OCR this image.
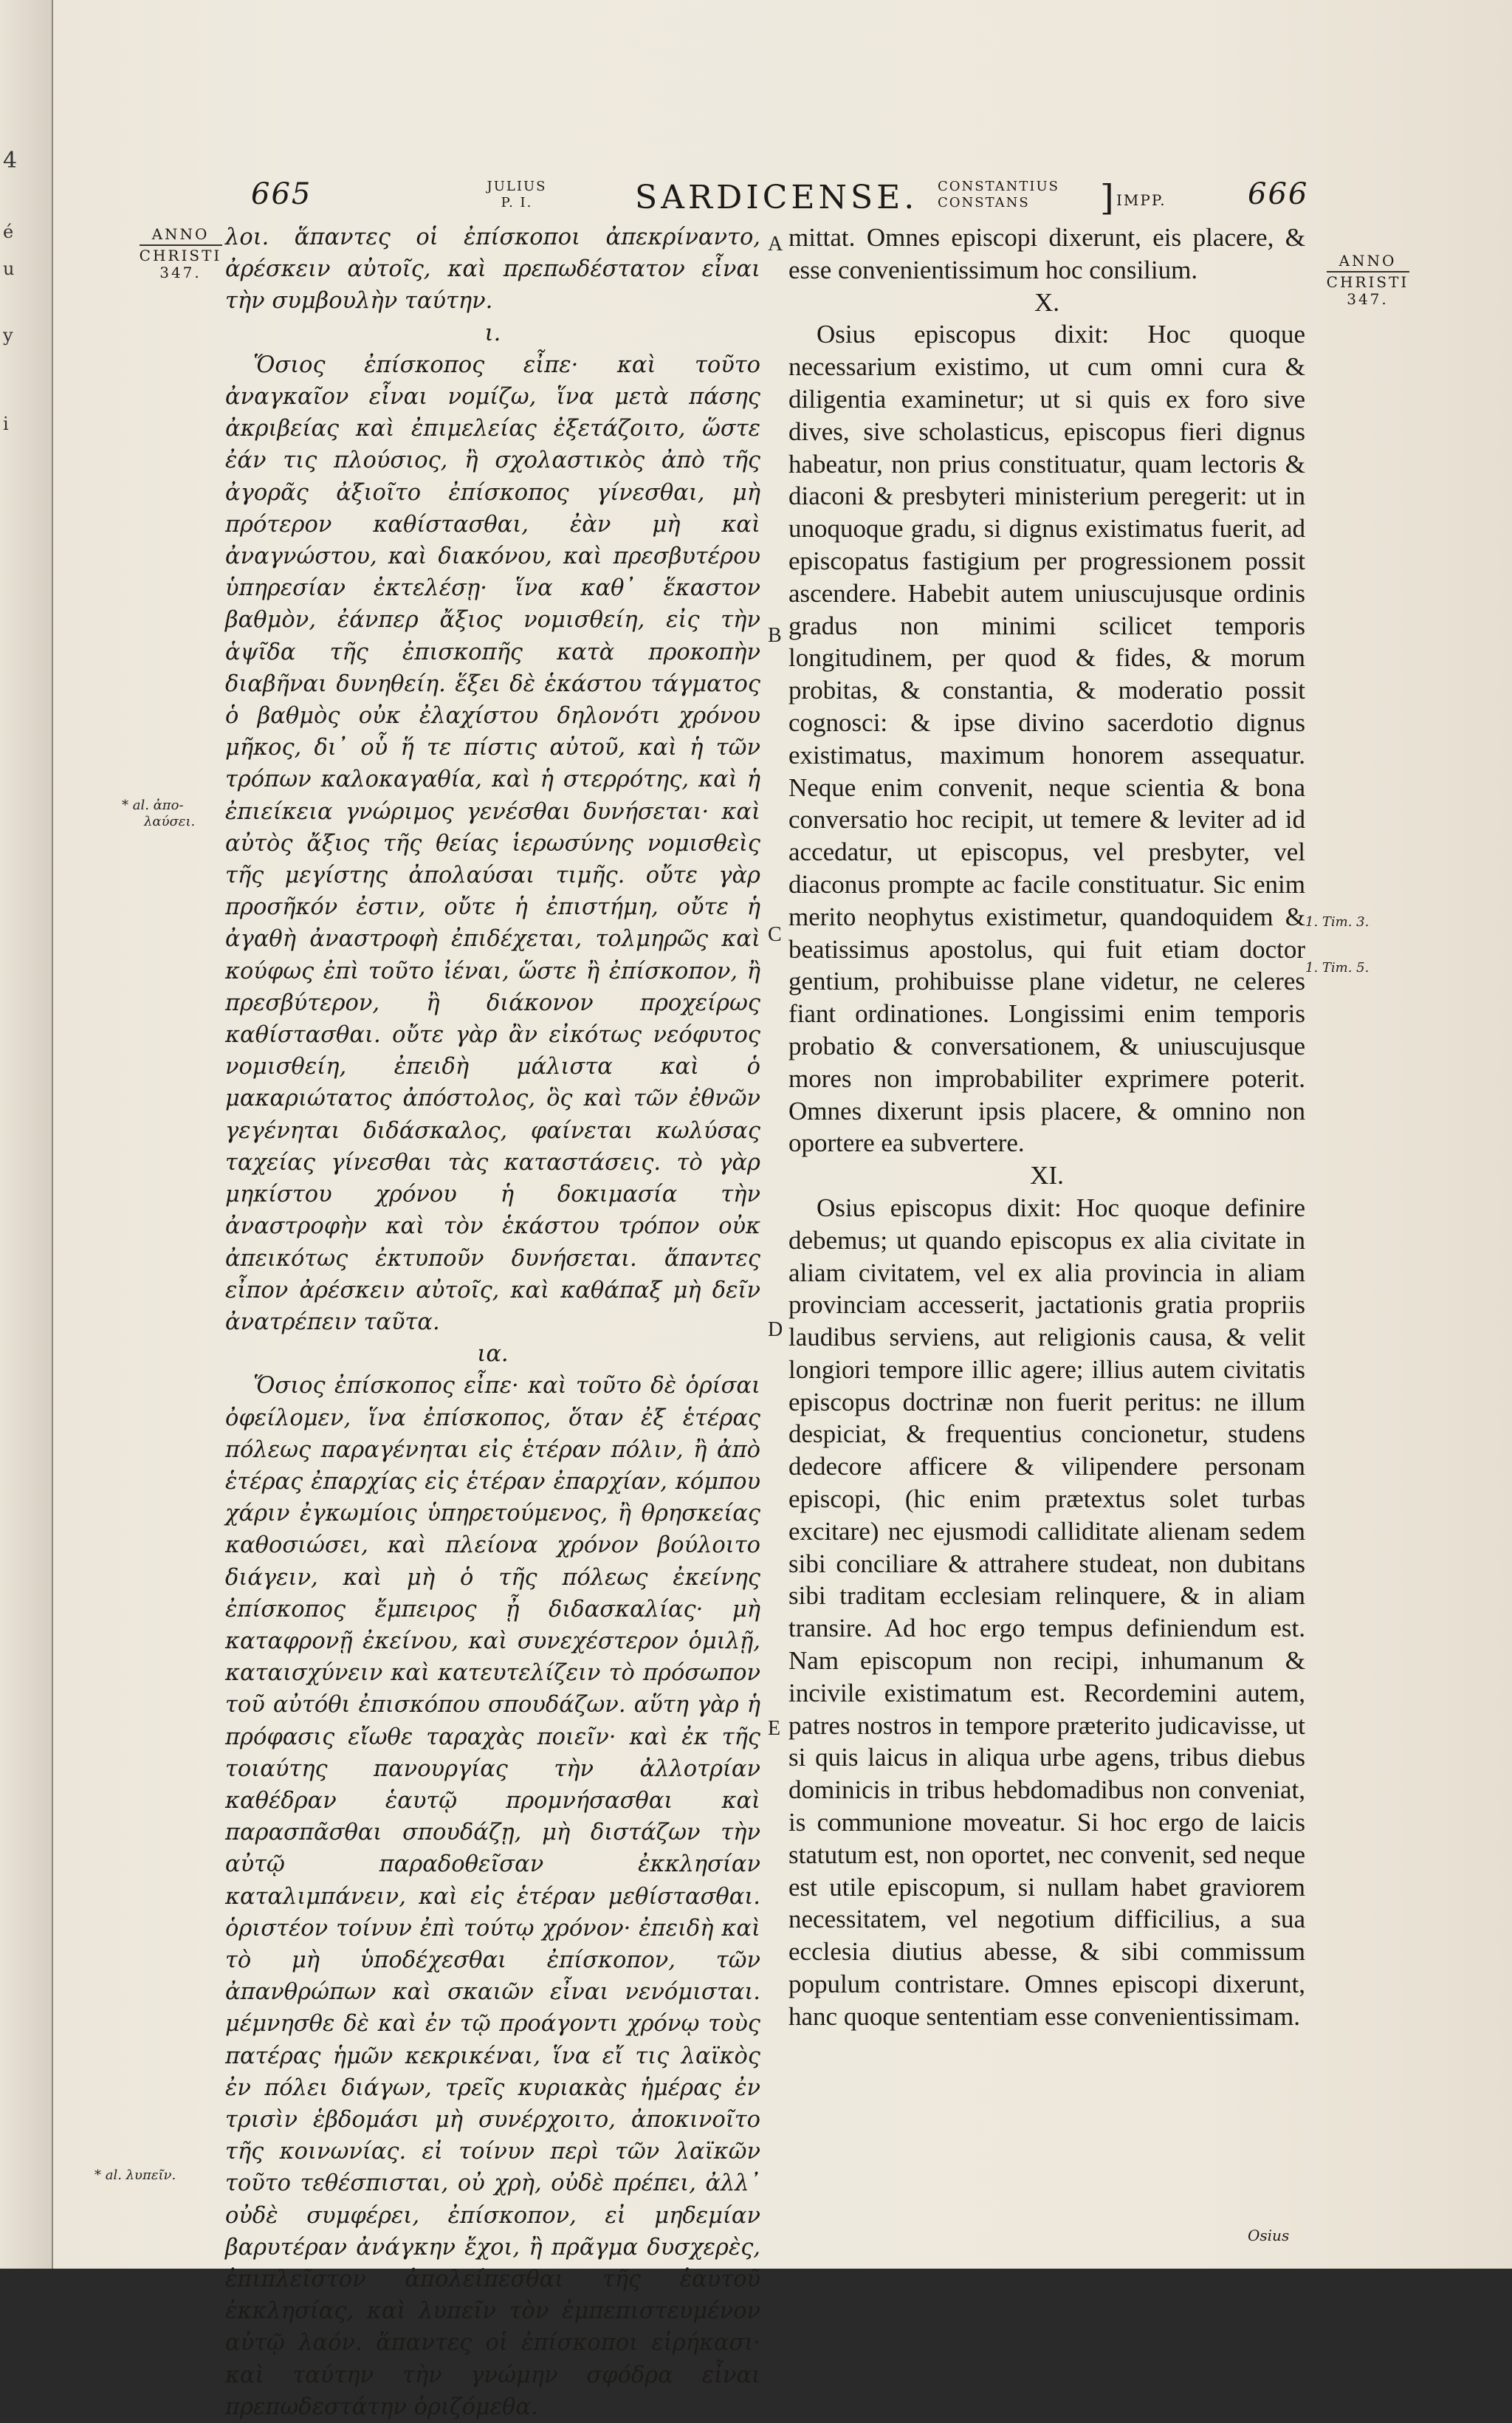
4
é
u
y
i
665	JULIUS
P. I.	SARDICENSE. CONSTANTIUS
CONSTANS	] IMPP.	666
ANNO
CHRISTI
347.
ANNO
CHRISTI
347.

λοι. ἅπαντες οἱ ἐπίσκοποι ἀπεκρίναντο, ἀρέσκειν αὐτοῖς, καὶ πρεπωδέστατον εἶναι τὴν συμβουλὴν ταύτην.

ι.

Ὅσιος ἐπίσκοπος εἶπε· καὶ τοῦτο ἀναγκαῖον εἶναι νομίζω, ἵνα μετὰ πάσης ἀκριβείας καὶ ἐπιμελείας ἐξετάζοιτο, ὥστε ἐάν τις πλούσιος, ἢ σχολαστικὸς ἀπὸ τῆς ἀγορᾶς ἀξιοῖτο ἐπίσκοπος γίνεσθαι, μὴ πρότερον καθίστασθαι, ἐὰν μὴ καὶ ἀναγνώστου, καὶ διακόνου, καὶ πρεσβυτέρου ὑπηρεσίαν ἐκτελέσῃ· ἵνα καθ᾽ ἕκαστον βαθμὸν, ἐάνπερ ἄξιος νομισθείη, εἰς τὴν ἁψῖδα τῆς ἐπισκοπῆς κατὰ προκοπὴν διαβῆναι δυνηθείη. ἕξει δὲ ἑκάστου τάγματος ὁ βαθμὸς οὐκ ἐλαχίστου δηλονότι χρόνου μῆκος, δι᾽ οὗ ἥ τε πίστις αὐτοῦ, καὶ ἡ τῶν τρόπων καλοκαγαθία, καὶ ἡ στερρότης, καὶ ἡ ἐπιείκεια γνώριμος γενέσθαι δυνήσεται· καὶ αὐτὸς ἄξιος τῆς θείας ἱερωσύνης νομισθεὶς τῆς μεγίστης ἀπολαύσαι τιμῆς. οὔτε γὰρ προσῆκόν ἐστιν, οὔτε ἡ ἐπιστήμη, οὔτε ἡ ἀγαθὴ ἀναστροφὴ ἐπιδέχεται, τολμηρῶς καὶ κούφως ἐπὶ τοῦτο ἰέναι, ὥστε ἢ ἐπίσκοπον, ἢ πρεσβύτερον, ἢ διάκονον προχείρως καθίστασθαι. οὔτε γὰρ ἂν εἰκότως νεόφυτος νομισθείη, ἐπειδὴ μάλιστα καὶ ὁ μακαριώτατος ἀπόστολος, ὃς καὶ τῶν ἐθνῶν γεγένηται διδάσκαλος, φαίνεται κωλύσας ταχείας γίνεσθαι τὰς καταστάσεις. τὸ γὰρ μηκίστου χρόνου ἡ δοκιμασία τὴν ἀναστροφὴν καὶ τὸν ἑκάστου τρόπον οὐκ ἀπεικότως ἐκτυποῦν δυνήσεται. ἅπαντες εἶπον ἀρέσκειν αὐτοῖς, καὶ καθάπαξ μὴ δεῖν ἀνατρέπειν ταῦτα.

ια.

Ὅσιος ἐπίσκοπος εἶπε· καὶ τοῦτο δὲ ὁρίσαι ὀφείλομεν, ἵνα ἐπίσκοπος, ὅταν ἐξ ἑτέρας πόλεως παραγένηται εἰς ἑτέραν πόλιν, ἢ ἀπὸ ἑτέρας ἐπαρχίας εἰς ἑτέραν ἐπαρχίαν, κόμπου χάριν ἐγκωμίοις ὑπηρετούμενος, ἢ θρησκείας καθοσιώσει, καὶ πλείονα χρόνον βούλοιτο διάγειν, καὶ μὴ ὁ τῆς πόλεως ἐκείνης ἐπίσκοπος ἔμπειρος ᾖ διδασκαλίας· μὴ καταφρονῇ ἐκείνου, καὶ συνεχέστερον ὁμιλῇ, καταισχύνειν καὶ κατευτελίζειν τὸ πρόσωπον τοῦ αὐτόθι ἐπισκόπου σπουδάζων. αὕτη γὰρ ἡ πρόφασις εἴωθε ταραχὰς ποιεῖν· καὶ ἐκ τῆς τοιαύτης πανουργίας τὴν ἀλλοτρίαν καθέδραν ἑαυτῷ προμνήσασθαι καὶ παρασπᾶσθαι σπουδάζῃ, μὴ διστάζων τὴν αὐτῷ παραδοθεῖσαν ἐκκλησίαν καταλιμπάνειν, καὶ εἰς ἑτέραν μεθίστασθαι. ὁριστέον τοίνυν ἐπὶ τούτῳ χρόνον· ἐπειδὴ καὶ τὸ μὴ ὑποδέχεσθαι ἐπίσκοπον, τῶν ἀπανθρώπων καὶ σκαιῶν εἶναι νενόμισται. μέμνησθε δὲ καὶ ἐν τῷ προάγοντι χρόνῳ τοὺς πατέρας ἡμῶν κεκρικέναι, ἵνα εἴ τις λαϊκὸς ἐν πόλει διάγων, τρεῖς κυριακὰς ἡμέρας ἐν τρισὶν ἑβδομάσι μὴ συνέρχοιτο, ἀποκινοῖτο τῆς κοινωνίας. εἰ τοίνυν περὶ τῶν λαϊκῶν τοῦτο τεθέσπισται, οὐ χρὴ, οὐδὲ πρέπει, ἀλλ᾽ οὐδὲ συμφέρει, ἐπίσκοπον, εἰ μηδεμίαν βαρυτέραν ἀνάγκην ἔχοι, ἢ πρᾶγμα δυσχερὲς, ἐπιπλεῖστον ἀπολείπεσθαι τῆς ἑαυτοῦ ἐκκλησίας, καὶ λυπεῖν τὸν ἐμπεπιστευμένον αὐτῷ λαόν. ἅπαντες οἱ ἐπίσκοποι εἰρήκασι· καὶ ταύτην τὴν γνώμην σφόδρα εἶναι πρεπωδεστάτην ὁριζόμεθα.

mittat. Omnes episcopi dixerunt, eis placere, & esse convenientissimum hoc consilium.

X.

Osius episcopus dixit: Hoc quoque necessarium existimo, ut cum omni cura & diligentia examinetur; ut si quis ex foro sive dives, sive scholasticus, episcopus fieri dignus habeatur, non prius constituatur, quam lectoris & diaconi & presbyteri ministerium peregerit: ut in unoquoque gradu, si dignus existimatus fuerit, ad episcopatus fastigium per progressionem possit ascendere. Habebit autem uniuscujusque ordinis gradus non minimi scilicet temporis longitudinem, per quod & fides, & morum probitas, & constantia, & moderatio possit cognosci: & ipse divino sacerdotio dignus existimatus, maximum honorem assequatur. Neque enim convenit, neque scientia & bona conversatio hoc recipit, ut temere & leviter ad id accedatur, ut episcopus, vel presbyter, vel diaconus prompte ac facile constituatur. Sic enim merito neophytus existimetur, quandoquidem & beatissimus apostolus, qui fuit etiam doctor gentium, prohibuisse plane videtur, ne celeres fiant ordinationes. Longissimi enim temporis probatio & conversationem, & uniuscujusque mores non improbabiliter exprimere poterit. Omnes dixerunt ipsis placere, & omnino non oportere ea subvertere.

XI.

Osius episcopus dixit: Hoc quoque definire debemus; ut quando episcopus ex alia civitate in aliam civitatem, vel ex alia provincia in aliam provinciam accesserit, jactationis gratia propriis laudibus serviens, aut religionis causa, & velit longiori tempore illic agere; illius autem civitatis episcopus doctrinæ non fuerit peritus: ne illum despiciat, & frequentius concionetur, studens dedecore afficere & vilipendere personam episcopi, (hic enim prætextus solet turbas excitare) nec ejusmodi calliditate alienam sedem sibi conciliare & attrahere studeat, non dubitans sibi traditam ecclesiam relinquere, & in aliam transire. Ad hoc ergo tempus definiendum est. Nam episcopum non recipi, inhumanum & incivile existimatum est. Recordemini autem, patres nostros in tempore præterito judicavisse, ut si quis laicus in aliqua urbe agens, tribus diebus dominicis in tribus hebdomadibus non conveniat, is communione moveatur. Si hoc ergo de laicis statutum est, non oportet, nec convenit, sed neque est utile episcopum, si nullam habet graviorem necessitatem, vel negotium difficilius, a sua ecclesia diutius abesse, & sibi commissum populum contristare. Omnes episcopi dixerunt, hanc quoque sententiam esse convenientissimam.

A
B
C
D
E
* al. ἀπο-
λαύσει.
* al. λυπεῖν.
1. Tim. 3.
1. Tim. 5.
Osius
